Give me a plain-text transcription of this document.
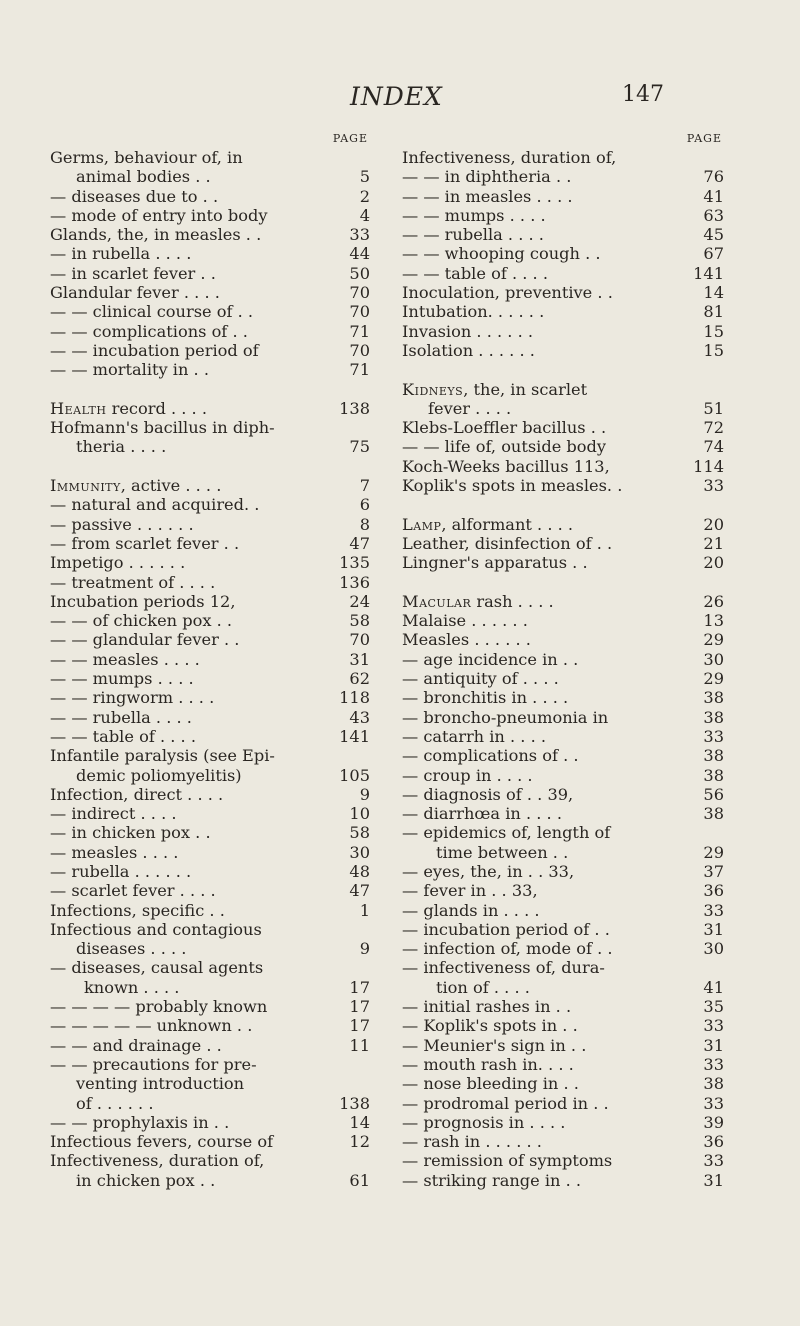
INDEX	147
PAGE
Germs, behaviour of, in
animal bodies . .	5
— diseases due to . .	2
— mode of entry into body	4
Glands, the, in measles . .	33
— in rubella . . . .	44
— in scarlet fever . .	50
Glandular fever . . . .	70
— — clinical course of . .	70
— — complications of . .	71
— — incubation period of	70
— — mortality in . .	71
Health record . . . .	138
Hofmann's bacillus in diph-
theria . . . .	75
Immunity, active . . . .	7
— natural and acquired. .	6
— passive . . . . . .	8
— from scarlet fever . .	47
Impetigo . . . . . .	135
— treatment of . . . .	136
Incubation periods 12,	24
— — of chicken pox . .	58
— — glandular fever . .	70
— — measles . . . .	31
— — mumps . . . .	62
— — ringworm . . . .	118
— — rubella . . . .	43
— — table of . . . .	141
Infantile paralysis (see Epi-
demic poliomyelitis)	105
Infection, direct . . . .	9
— indirect . . . .	10
— in chicken pox . .	58
— measles . . . .	30
— rubella . . . . . .	48
— scarlet fever . . . .	47
Infections, specific . .	1
Infectious and contagious
diseases . . . .	9
— diseases, causal agents
known . . . .	17
— — — — probably known	17
— — — — — unknown . .	17
— — and drainage . .	11
— — precautions for pre-
venting introduction
of . . . . . .	138
— — prophylaxis in . .	14
Infectious fevers, course of	12
Infectiveness, duration of,
in chicken pox . .	61
PAGE
Infectiveness, duration of,
— — in diphtheria . .	76
— — in measles . . . .	41
— — mumps . . . .	63
— — rubella . . . .	45
— — whooping cough . .	67
— — table of . . . .	141
Inoculation, preventive . .	14
Intubation. . . . . .	81
Invasion . . . . . .	15
Isolation . . . . . .	15
Kidneys, the, in scarlet
fever . . . .	51
Klebs-Loeffler bacillus . .	72
— — life of, outside body	74
Koch-Weeks bacillus 113,	114
Koplik's spots in measles. .	33
Lamp, alformant . . . .	20
Leather, disinfection of . .	21
Lingner's apparatus . .	20
Macular rash . . . .	26
Malaise . . . . . .	13
Measles . . . . . .	29
— age incidence in . .	30
— antiquity of . . . .	29
— bronchitis in . . . .	38
— broncho-pneumonia in	38
— catarrh in . . . .	33
— complications of . .	38
— croup in . . . .	38
— diagnosis of . . 39,	56
— diarrhœa in . . . .	38
— epidemics of, length of
time between . .	29
— eyes, the, in . . 33,	37
— fever in . . 33,	36
— glands in . . . .	33
— incubation period of . .	31
— infection of, mode of . .	30
— infectiveness of, dura-
tion of . . . .	41
— initial rashes in . .	35
— Koplik's spots in . .	33
— Meunier's sign in . .	31
— mouth rash in. . . .	33
— nose bleeding in . .	38
— prodromal period in . .	33
— prognosis in . . . .	39
— rash in . . . . . .	36
— remission of symptoms	33
— striking range in . .	31
